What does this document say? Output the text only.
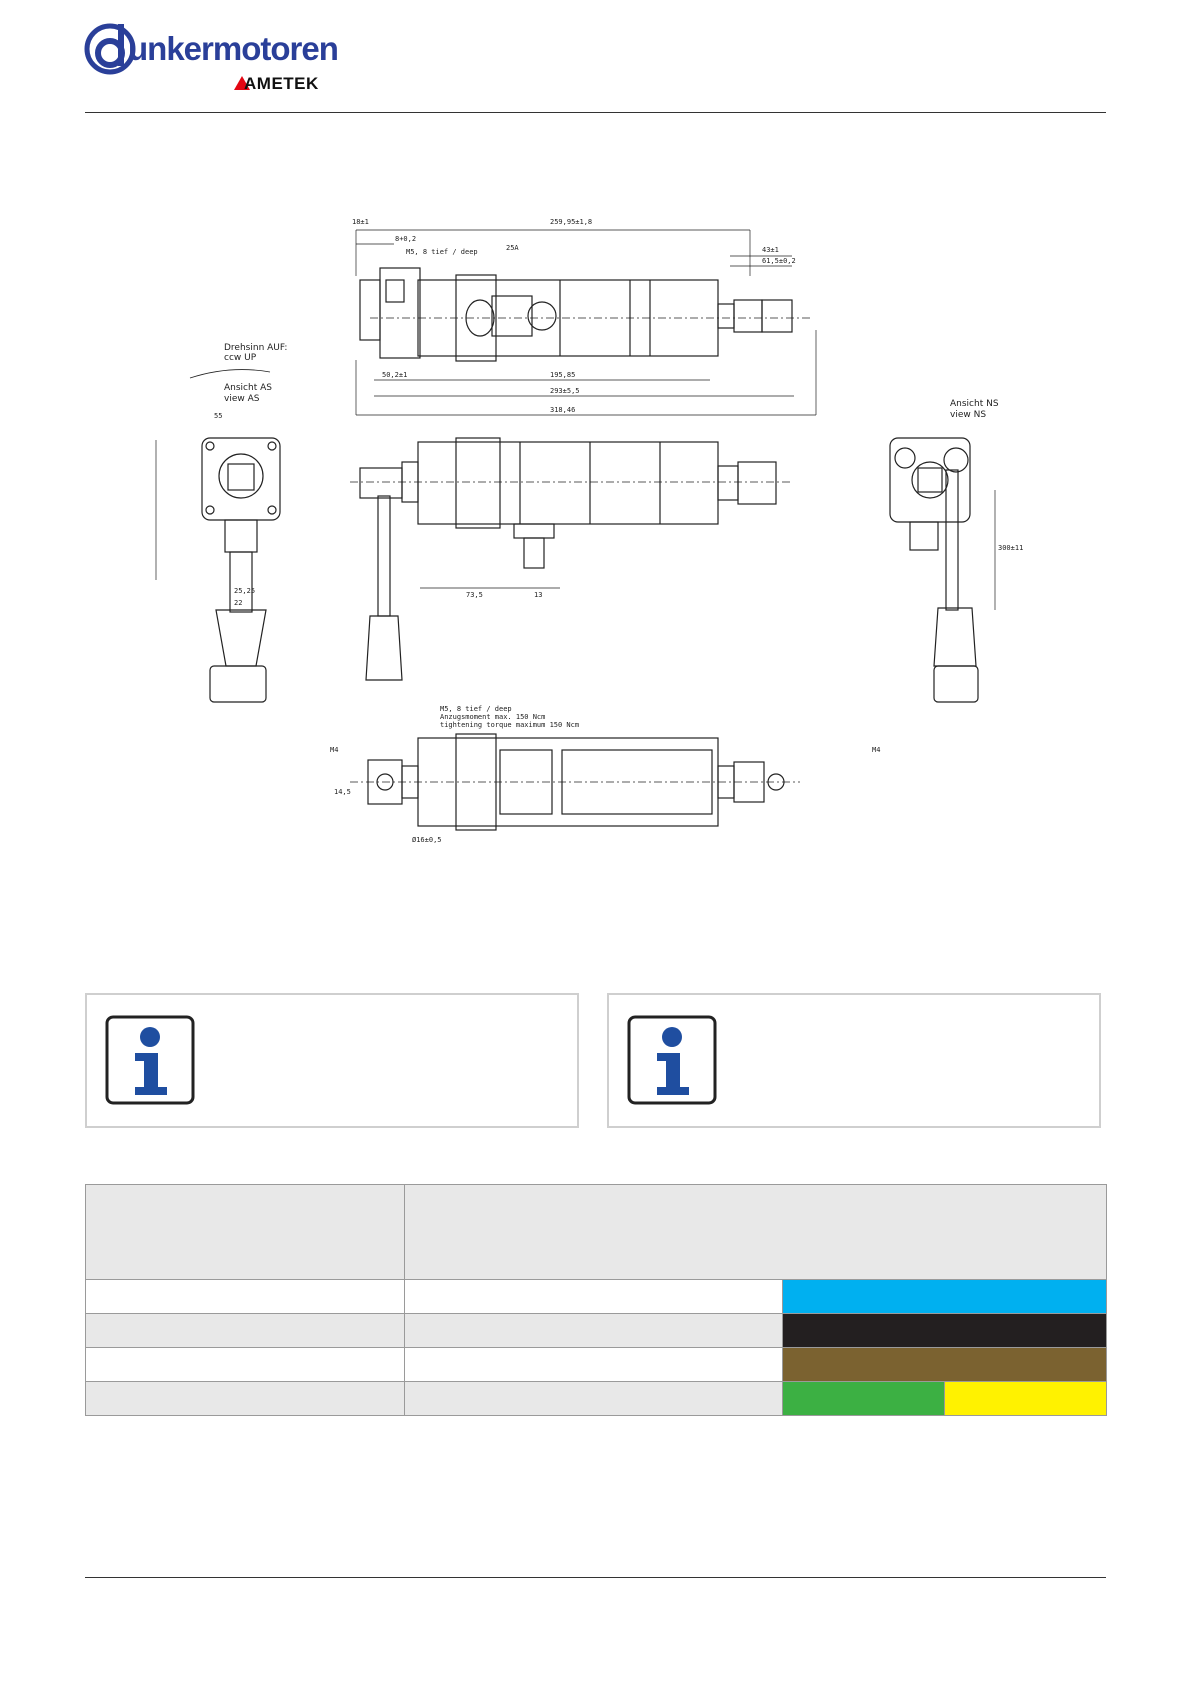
unkermotoren
AMETEK
18±1	259,95±1,8
8+0,2
M5, 8 tief / deep	25A	43±1
61,5±0,2
50,2±1	195,85
293±5,5
318,46
55
73,5	13
22
25,25
300±11
M5, 8 tief / deep
Anzugsmoment max. 150 Ncm
tightening torque maximum 150 Ncm
M4	M4
Ø16±0,5
14,5
Drehsinn AUF:
ccw UP
Ansicht AS
view AS	Ansicht NS
view NS
